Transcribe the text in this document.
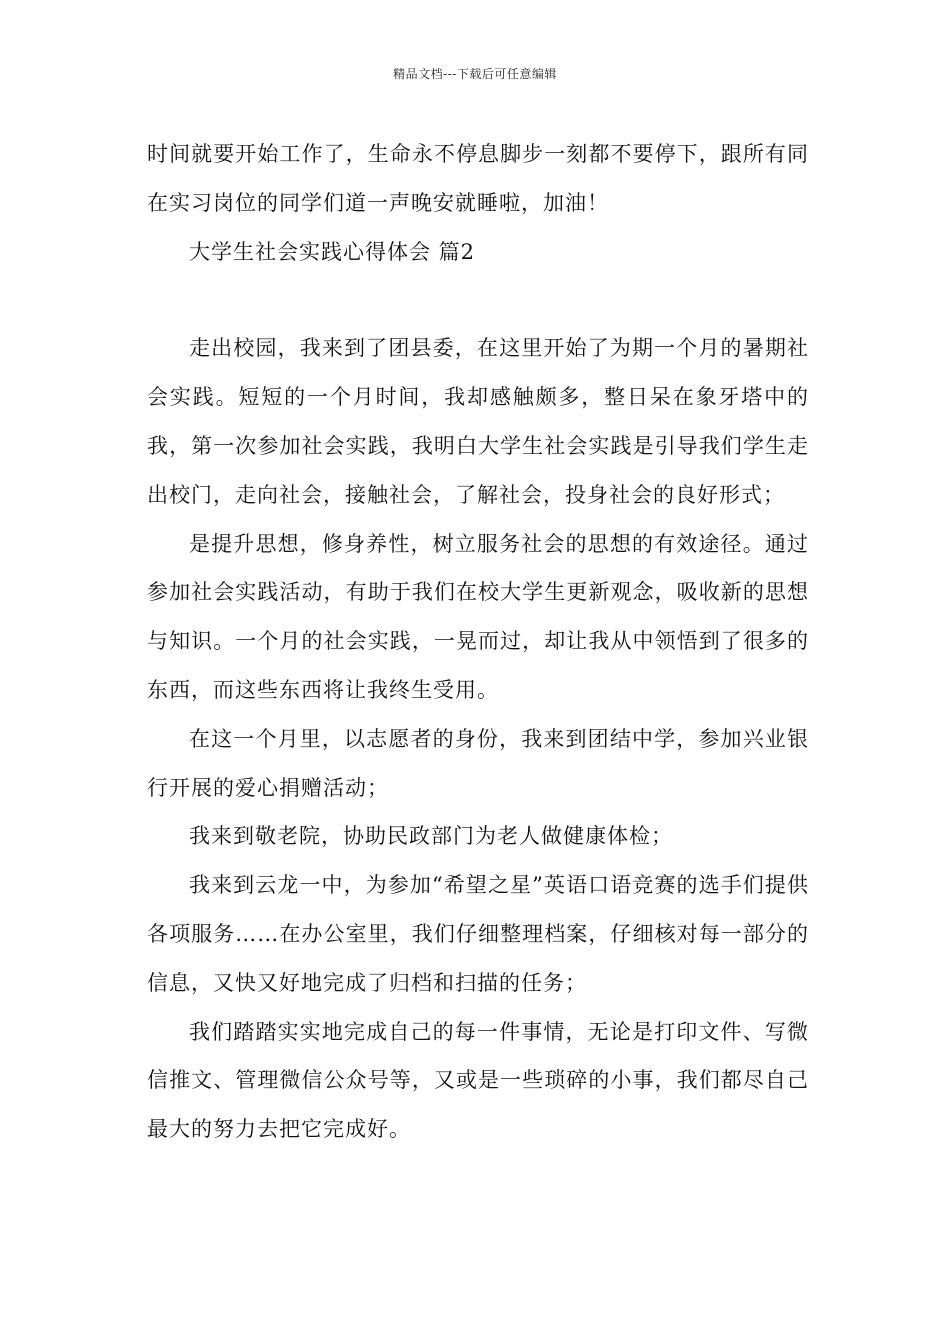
精品文档---下载后可任意编辑

时间就要开始工作了，生命永不停息脚步一刻都不要停下，跟所有同在实习岗位的同学们道一声晚安就睡啦，加油！

大学生社会实践心得体会 篇2

走出校园，我来到了团县委，在这里开始了为期一个月的暑期社会实践。短短的一个月时间，我却感触颇多，整日呆在象牙塔中的我，第一次参加社会实践，我明白大学生社会实践是引导我们学生走出校门，走向社会，接触社会，了解社会，投身社会的良好形式；

是提升思想，修身养性，树立服务社会的思想的有效途径。通过参加社会实践活动，有助于我们在校大学生更新观念，吸收新的思想与知识。一个月的社会实践，一晃而过，却让我从中领悟到了很多的东西，而这些东西将让我终生受用。

在这一个月里，以志愿者的身份，我来到团结中学，参加兴业银行开展的爱心捐赠活动；

我来到敬老院，协助民政部门为老人做健康体检；

我来到云龙一中，为参加“希望之星”英语口语竞赛的选手们提供各项服务……在办公室里，我们仔细整理档案，仔细核对每一部分的信息，又快又好地完成了归档和扫描的任务；

我们踏踏实实地完成自己的每一件事情，无论是打印文件、写微信推文、管理微信公众号等，又或是一些琐碎的小事，我们都尽自己最大的努力去把它完成好。
